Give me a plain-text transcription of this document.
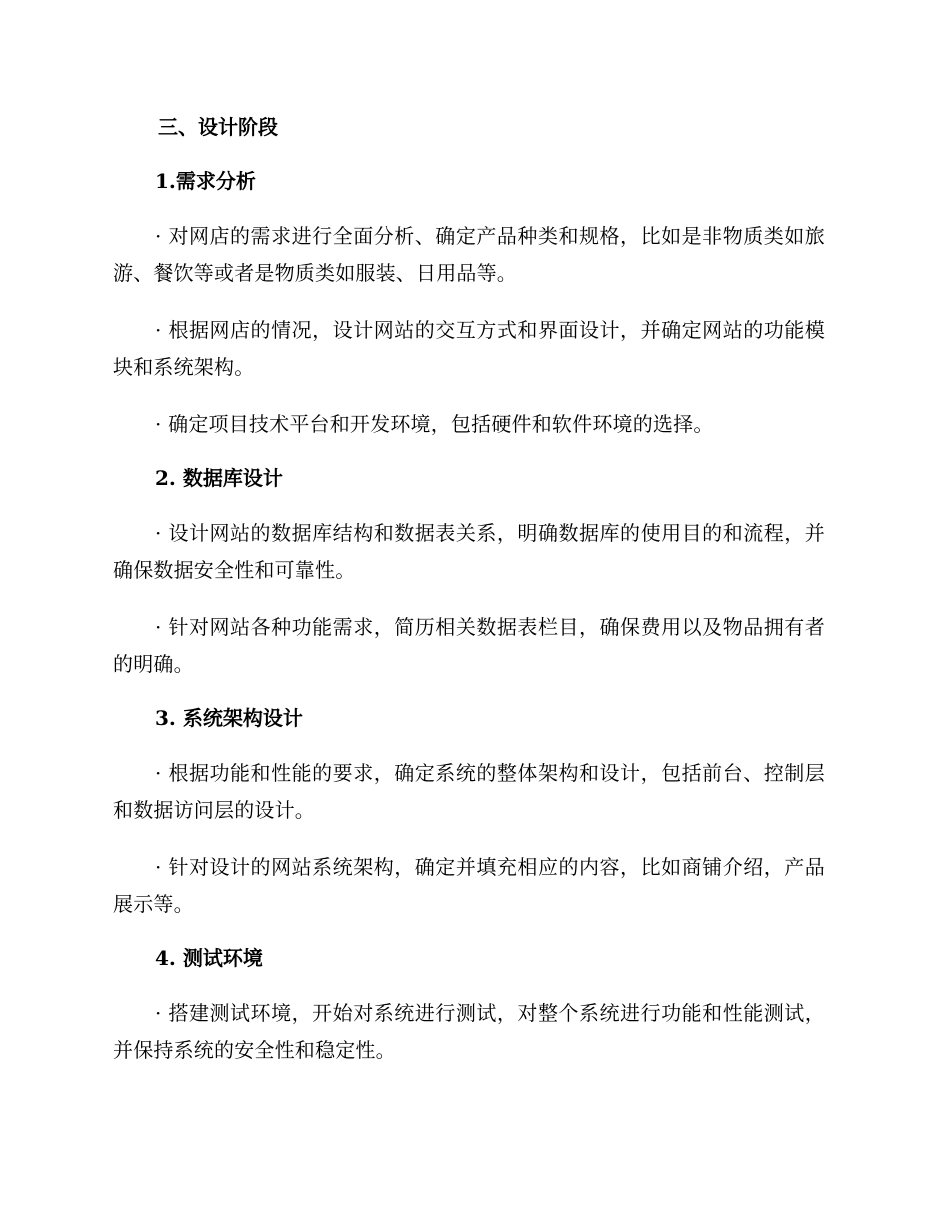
三、设计阶段
1.需求分析

· 对网店的需求进行全面分析、确定产品种类和规格，比如是非物质类如旅游、餐饮等或者是物质类如服装、日用品等。

· 根据网店的情况，设计网站的交互方式和界面设计，并确定网站的功能模块和系统架构。

· 确定项目技术平台和开发环境，包括硬件和软件环境的选择。

2. 数据库设计

· 设计网站的数据库结构和数据表关系，明确数据库的使用目的和流程，并确保数据安全性和可靠性。

· 针对网站各种功能需求，简历相关数据表栏目，确保费用以及物品拥有者的明确。

3. 系统架构设计

· 根据功能和性能的要求，确定系统的整体架构和设计，包括前台、控制层和数据访问层的设计。

· 针对设计的网站系统架构，确定并填充相应的内容，比如商铺介绍，产品展示等。

4. 测试环境

· 搭建测试环境，开始对系统进行测试，对整个系统进行功能和性能测试，并保持系统的安全性和稳定性。
